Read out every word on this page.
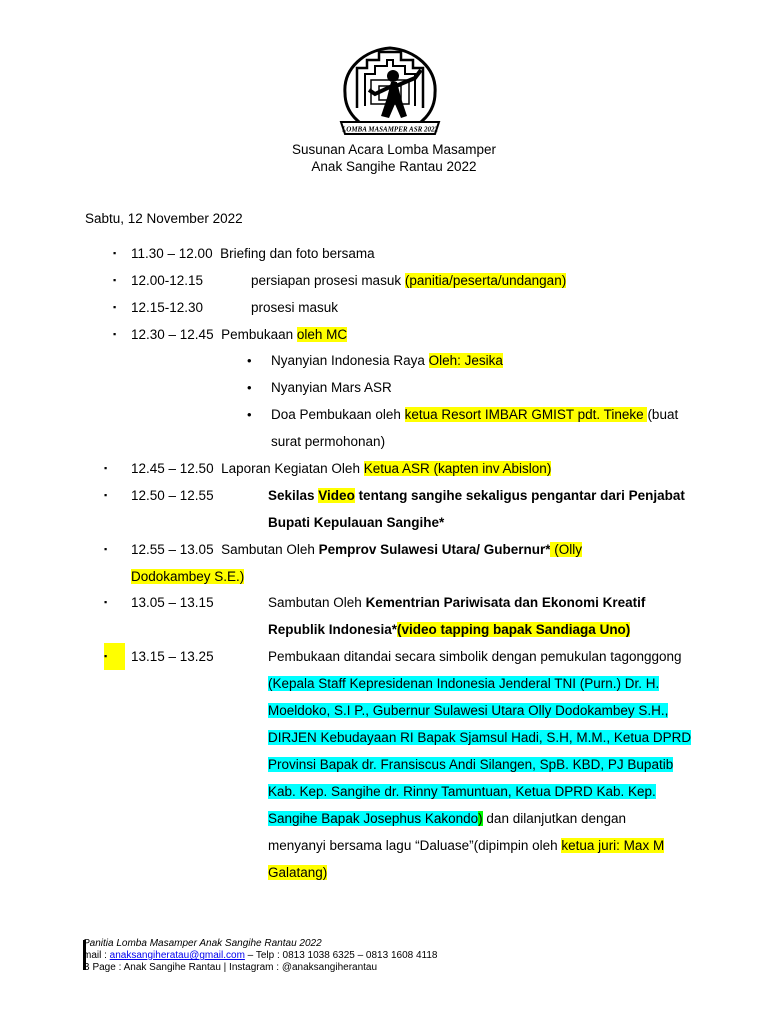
LOMBA MASAMPER ASR 2022
Susunan Acara Lomba Masamper
Anak Sangihe Rantau 2022
Sabtu, 12 November 2022
▪ 11.30 – 12.00 Briefing dan foto bersama
▪ 12.00-12.15	persiapan prosesi masuk (panitia/peserta/undangan)
▪ 12.15-12.30	prosesi masuk
▪ 12.30 – 12.45 Pembukaan oleh MC
• Nyanyian Indonesia Raya Oleh: Jesika
• Nyanyian Mars ASR
• Doa Pembukaan oleh ketua Resort IMBAR GMIST pdt. Tineke (buat
surat permohonan)
▪ 12.45 – 12.50 Laporan Kegiatan Oleh Ketua ASR (kapten inv Abislon)
▪ 12.50 – 12.55	Sekilas Video tentang sangihe sekaligus pengantar dari Penjabat
Bupati Kepulauan Sangihe*
▪ 12.55 – 13.05 Sambutan Oleh Pemprov Sulawesi Utara/ Gubernur* (Olly
Dodokambey S.E.)
▪ 13.05 – 13.15	Sambutan Oleh Kementrian Pariwisata dan Ekonomi Kreatif
Republik Indonesia*(video tapping bapak Sandiaga Uno)
▪	13.15 – 13.25	Pembukaan ditandai secara simbolik dengan pemukulan tagonggong
(Kepala Staff Kepresidenan Indonesia Jenderal TNI (Purn.) Dr. H.
Moeldoko, S.I P., Gubernur Sulawesi Utara Olly Dodokambey S.H.,
DIRJEN Kebudayaan RI Bapak Sjamsul Hadi, S.H, M.M., Ketua DPRD
Provinsi Bapak dr. Fransiscus Andi Silangen, SpB. KBD, PJ Bupatib
Kab. Kep. Sangihe dr. Rinny Tamuntuan, Ketua DPRD Kab. Kep.
Sangihe Bapak Josephus Kakondo) dan dilanjutkan dengan
menyanyi bersama lagu “Daluase”(dipimpin oleh ketua juri: Max M
Galatang)
Panitia Lomba Masamper Anak Sangihe Rantau 2022
mail : anaksangiheratau@gmail.com – Telp : 0813 1038 6325 – 0813 1608 4118
B Page : Anak Sangihe Rantau | Instagram : @anaksangiherantau
